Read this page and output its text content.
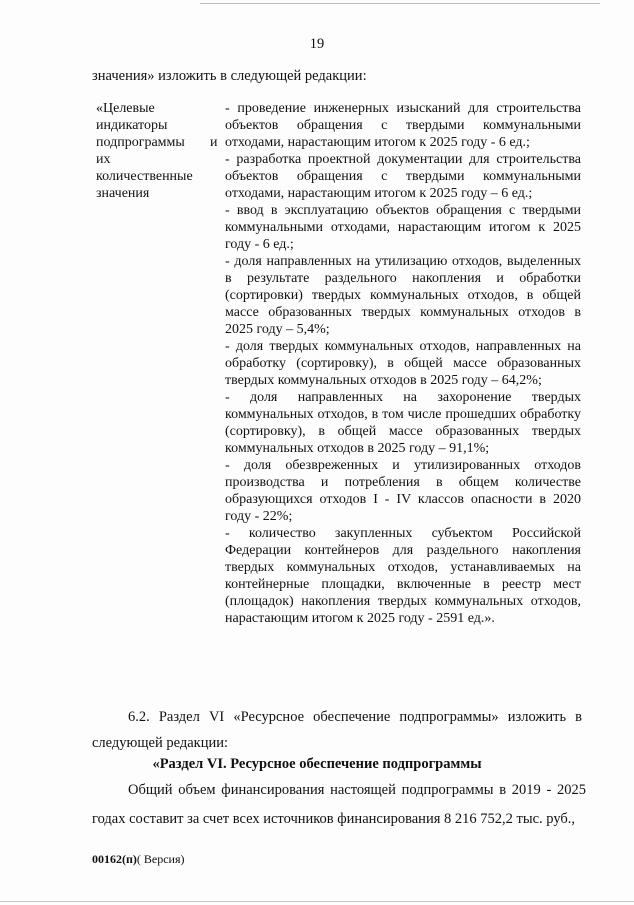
19
значения» изложить в следующей редакции:
«Целевые
индикаторы
подпрограммы
их
количественные
значения
и

- проведение инженерных изысканий для строительства объектов обращения с твердыми коммунальными отходами, нарастающим итогом к 2025 году - 6 ед.;

- разработка проектной документации для строительства объектов обращения с твердыми коммунальными отходами, нарастающим итогом к 2025 году – 6 ед.;

- ввод в эксплуатацию объектов обращения с твердыми коммунальными отходами, нарастающим итогом к 2025 году - 6 ед.;

- доля направленных на утилизацию отходов, выделенных в результате раздельного накопления и обработки (сортировки) твердых коммунальных отходов, в общей массе образованных твердых коммунальных отходов в 2025 году – 5,4%;

- доля твердых коммунальных отходов, направленных на обработку (сортировку), в общей массе образованных твердых коммунальных отходов в 2025 году – 64,2%;

- доля направленных на захоронение твердых коммунальных отходов, в том числе прошедших обработку (сортировку), в общей массе образованных твердых коммунальных отходов в 2025 году – 91,1%;

- доля обезвреженных и утилизированных отходов производства и потребления в общем количестве образующихся отходов I - IV классов опасности в 2020 году - 22%;

- количество закупленных субъектом Российской Федерации контейнеров для раздельного накопления твердых коммунальных отходов, устанавливаемых на контейнерные площадки, включенные в реестр мест (площадок) накопления твердых коммунальных отходов, нарастающим итогом к 2025 году - 2591 ед.».

6.2. Раздел VI «Ресурсное обеспечение подпрограммы» изложить в следующей редакции:
«Раздел VI. Ресурсное обеспечение подпрограммы
Общий объем финансирования настоящей подпрограммы в 2019 - 2025 годах составит за счет всех источников финансирования 8 216 752,2 тыс. руб.,
00162(п)( Версия)
